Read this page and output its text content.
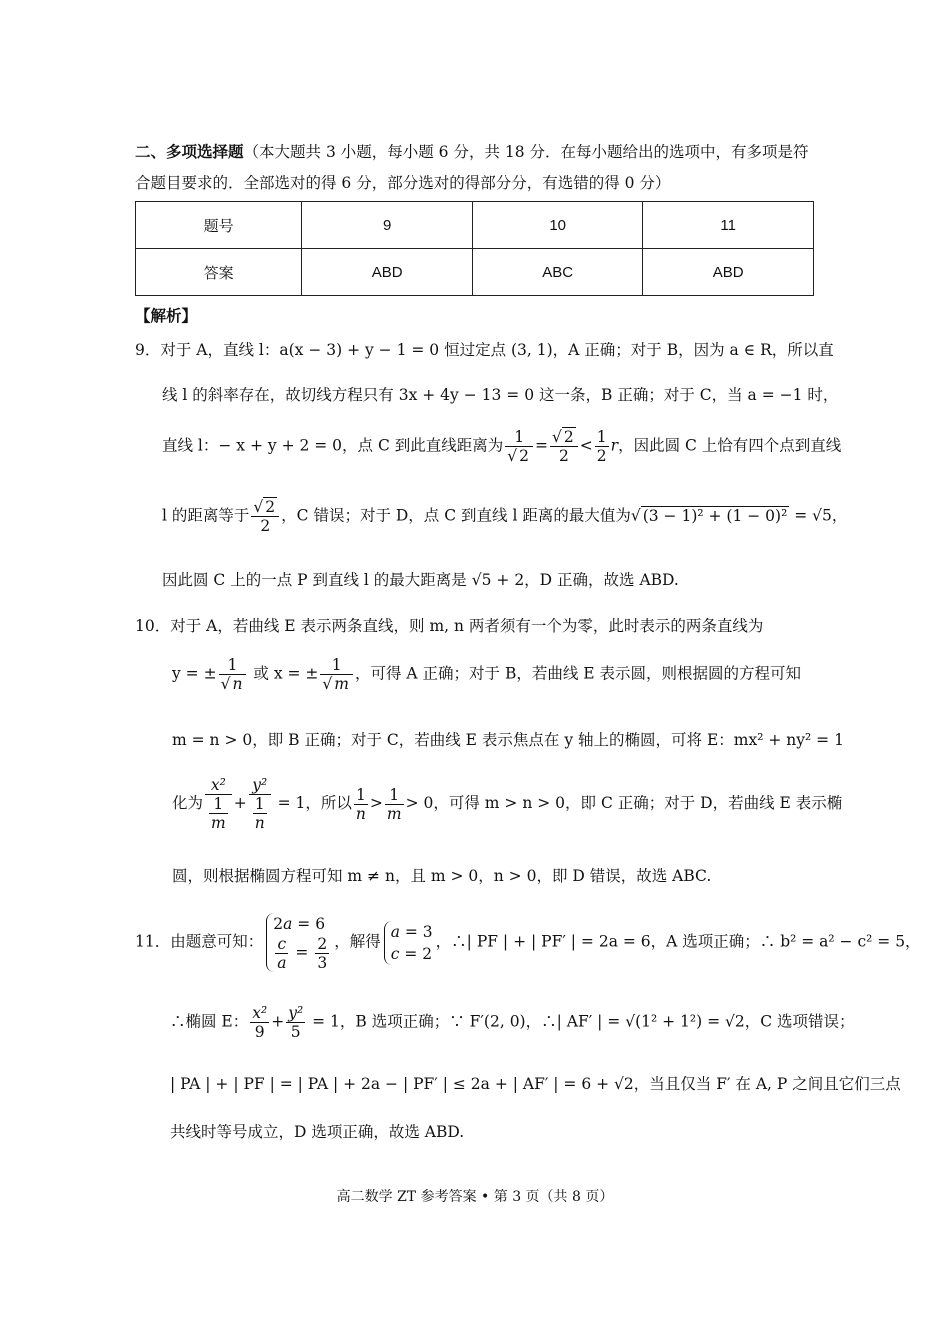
二、多项选择题（本大题共 3 小题，每小题 6 分，共 18 分．在每小题给出的选项中，有多项是符合题目要求的．全部选对的得 6 分，部分选对的得部分分，有选错的得 0 分）
题号	9	10	11
答案	ABD	ABC	ABD
【解析】
9．对于 A，直线 l：a(x − 3) + y − 1 = 0 恒过定点 (3, 1)，A 正确；对于 B，因为 a ∈ R，所以直
线 l 的斜率存在，故切线方程只有 3x + 4y − 13 = 0 这一条，B 正确；对于 C，当 a = −1 时，
直线 l：− x + y + 2 = 0，点 C 到此直线距离为 $\frac{1}{√ 2} = \frac{√ 2}{2} < \frac{1}{2}$ r，因此圆 C 上恰有四个点到直线
l 的距离等于 $\frac{√ 2}{2}$ ，C 错误；对于 D，点 C 到直线 l 距离的最大值为√ (3 − 1)² + (1 − 0)² = √5，
因此圆 C 上的一点 P 到直线 l 的最大距离是 √5 + 2，D 正确，故选 ABD.
10．对于 A，若曲线 E 表示两条直线，则 m, n 两者须有一个为零，此时表示的两条直线为
y = ± $\frac{1}{√ n}$ 或 x = ± $\frac{1}{√ m}$ ，可得 A 正确；对于 B，若曲线 E 表示圆，则根据圆的方程可知
m = n > 0，即 B 正确；对于 C，若曲线 E 表示焦点在 y 轴上的椭圆，可将 E：mx² + ny² = 1
化为 $\frac{\text{x²}}{\frac{1}{m}} + \frac{\text{y²}}{\frac{1}{n}} = 1$，所以 $\frac{1}{n} > \frac{1}{m} > 0$，可得 m > n > 0，即 C 正确；对于 D，若曲线 E 表示椭
圆，则根据椭圆方程可知 m ≠ n，且 m > 0，n > 0，即 D 错误，故选 ABC.
11．由题意可知：
2a = 6
$\frac{c}{a} = \frac{2}{3}$ ，解得
a = 3
c = 2
，∴| PF | + | PF′ | = 2a = 6，A 选项正确；∴ b² = a² − c² = 5，
∴椭圆 E： $\frac{\text{x²}}{9} + \frac{\text{y²}}{5} = 1$，B 选项正确；∵ F′(2, 0)，∴| AF′ | = √(1² + 1²) = √2，C 选项错误；
| PA | + | PF | = | PA | + 2a − | PF′ | ≤ 2a + | AF′ | = 6 + √2，当且仅当 F′ 在 A, P 之间且它们三点
共线时等号成立，D 选项正确，故选 ABD.
高二数学 ZT 参考答案 • 第 3 页（共 8 页）
